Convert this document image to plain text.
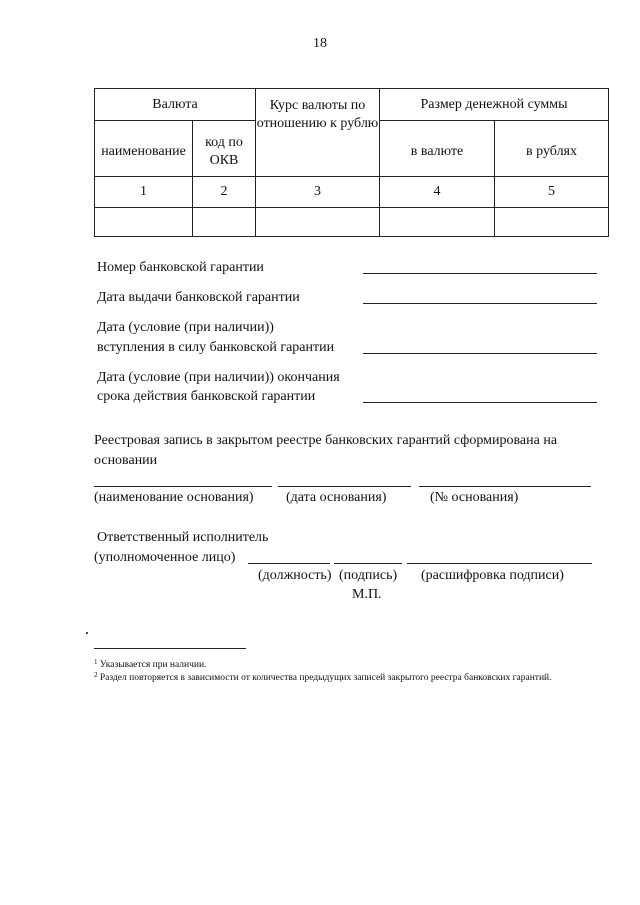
18
Валюта		Курс валюты по отношению к рублю	Размер денежной суммы	
наименование	код по ОКВ		в валюте	в рублях
1	2	3	4	5

Номер банковской гарантии
Дата выдачи банковской гарантии
Дата (условие (при наличии))
вступления в силу банковской гарантии
Дата (условие (при наличии)) окончания
срока действия банковской гарантии
Реестровая запись в закрытом реестре банковских гарантий сформирована на
основании
(наименование основания) (дата основания)	(№ основания)
Ответственный исполнитель
(уполномоченное лицо)
(должность) (подпись) (расшифровка подписи)
М.П.
$^1$ Указывается при наличии.
$^2$ Раздел повторяется в зависимости от количества предыдущих записей закрытого реестра банковских гарантий.
